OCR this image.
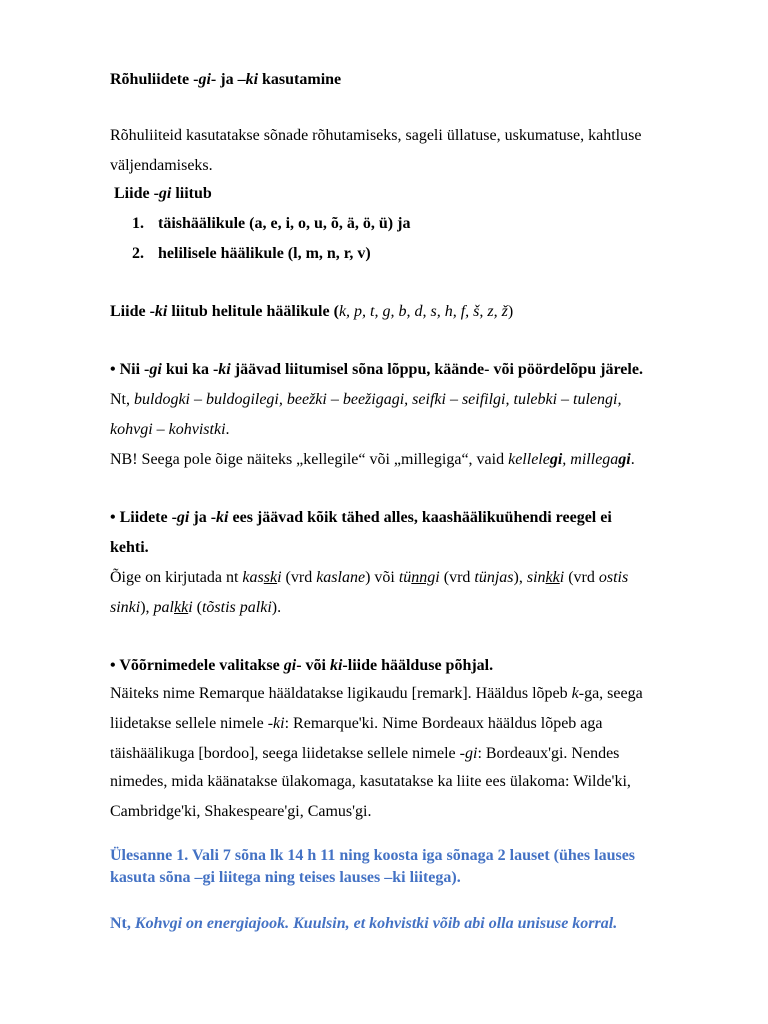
Rõhuliidete -gi- ja –ki kasutamine
Rõhuliiteid kasutatakse sõnade rõhutamiseks, sageli üllatuse, uskumatuse, kahtluse
väljendamiseks.
Liide -gi liitub
1. täishäälikule (a, e, i, o, u, õ, ä, ö, ü) ja
2. helilisele häälikule (l, m, n, r, v)
Liide -ki liitub helitule häälikule (k, p, t, g, b, d, s, h, f, š, z, ž)
• Nii -gi kui ka -ki jäävad liitumisel sõna lõppu, käände- või pöördelõpu järele.
Nt, buldogki – buldogilegi, beežki – beežigagi, seifki – seifilgi, tulebki – tulengi,
kohvgi – kohvistki.
NB! Seega pole õige näiteks „kellegile“ või „millegiga“, vaid kellelegi, millegagi.
• Liidete -gi ja -ki ees jäävad kõik tähed alles, kaashäälikuühendi reegel ei
kehti.
Õige on kirjutada nt kasski (vrd kaslane) või tünngi (vrd tünjas), sinkki (vrd ostis
sinki), palkki (tõstis palki).
• Võõrnimedele valitakse gi- või ki-liide häälduse põhjal.
Näiteks nime Remarque hääldatakse ligikaudu [remark]. Hääldus lõpeb k-ga, seega
liidetakse sellele nimele -ki: Remarque'ki. Nime Bordeaux hääldus lõpeb aga
täishäälikuga [bordoo], seega liidetakse sellele nimele -gi: Bordeaux'gi. Nendes
nimedes, mida käänatakse ülakomaga, kasutatakse ka liite ees ülakoma: Wilde'ki,
Cambridge'ki, Shakespeare'gi, Camus'gi.
Ülesanne 1. Vali 7 sõna lk 14 h 11 ning koosta iga sõnaga 2 lauset (ühes lauses
kasuta sõna –gi liitega ning teises lauses –ki liitega).
Nt, Kohvgi on energiajook. Kuulsin, et kohvistki võib abi olla unisuse korral.
